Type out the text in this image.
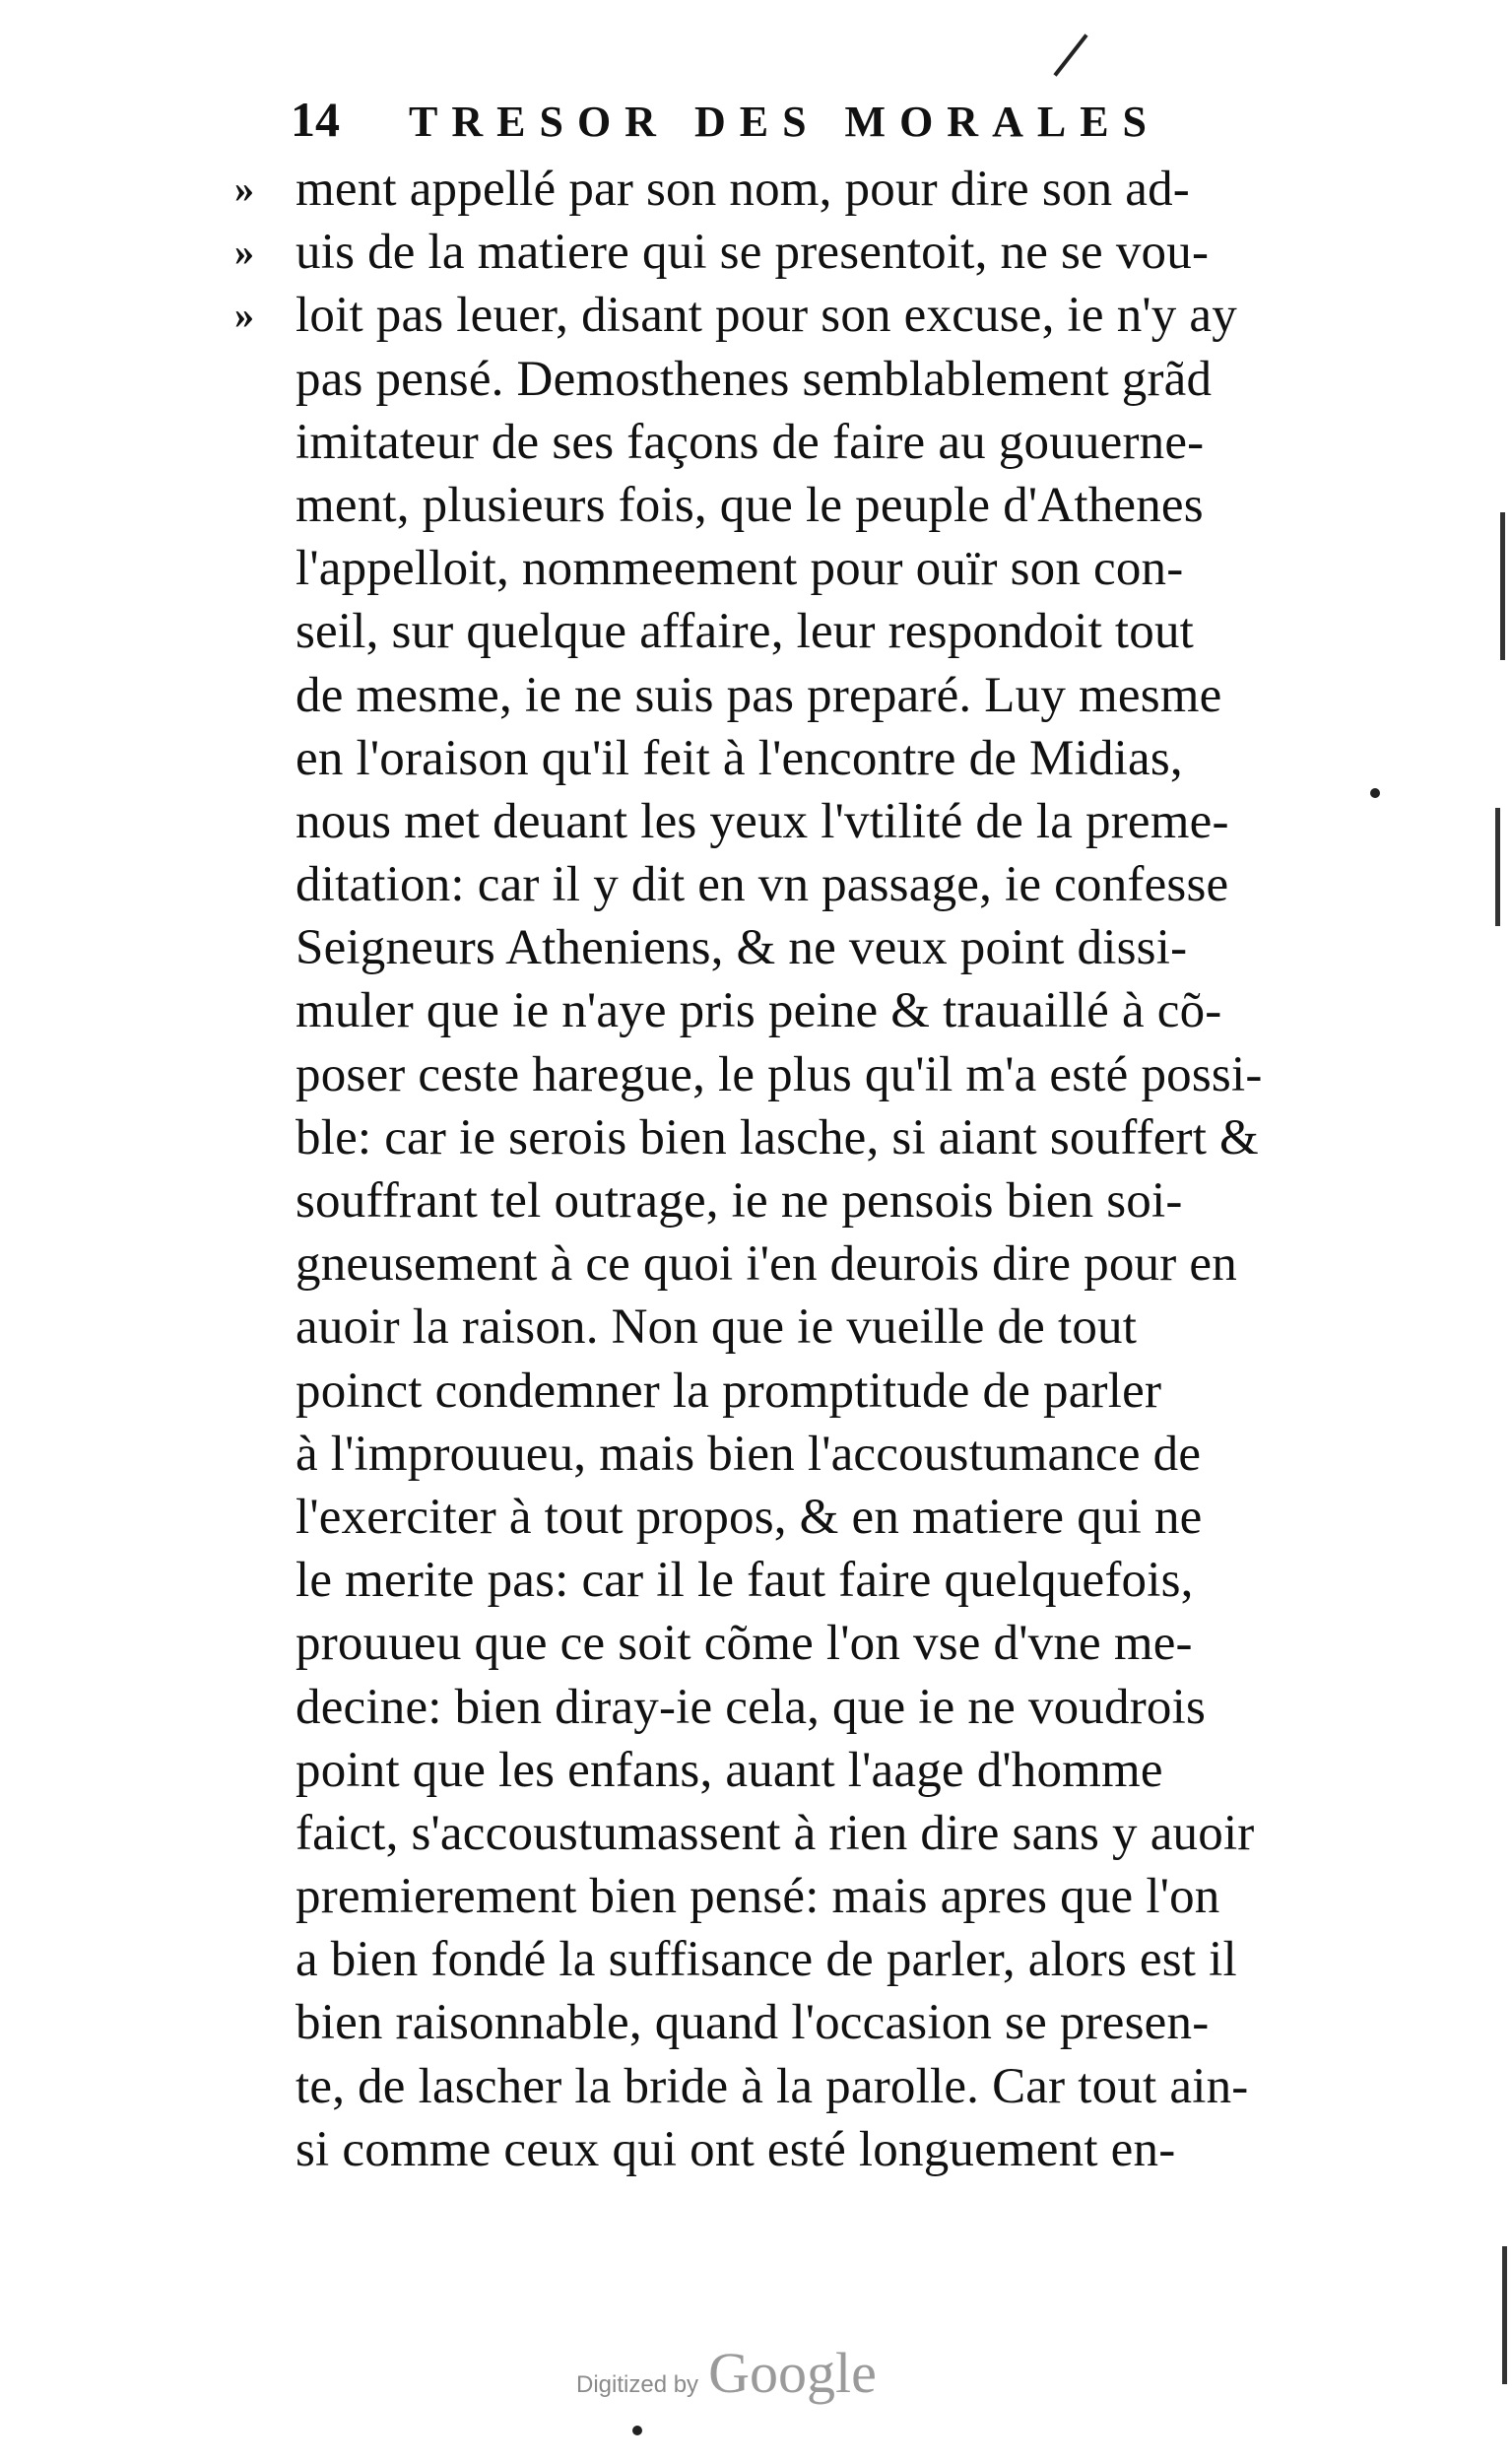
14 TRESOR DES MORALES
» ment appellé par son nom, pour dire son ad-
» uis de la matiere qui se presentoit, ne se vou-
» loit pas leuer, disant pour son excuse, ie n'y ay
pas pensé. Demosthenes semblablement grãd
imitateur de ses façons de faire au gouuerne-
ment, plusieurs fois, que le peuple d'Athenes
l'appelloit, nommeement pour ouïr son con-
seil, sur quelque affaire, leur respondoit tout
de mesme, ie ne suis pas preparé. Luy mesme
en l'oraison qu'il feit à l'encontre de Midias,
nous met deuant les yeux l'vtilité de la preme-
ditation: car il y dit en vn passage, ie confesse
Seigneurs Atheniens, & ne veux point dissi-
muler que ie n'aye pris peine & trauaillé à cõ-
poser ceste haregue, le plus qu'il m'a esté possi-
ble: car ie serois bien lasche, si aiant souffert &
souffrant tel outrage, ie ne pensois bien soi-
gneusement à ce quoi i'en deurois dire pour en
auoir la raison. Non que ie vueille de tout
poinct condemner la promptitude de parler
à l'improuueu, mais bien l'accoustumance de
l'exerciter à tout propos, & en matiere qui ne
le merite pas: car il le faut faire quelquefois,
prouueu que ce soit cõme l'on vse d'vne me-
decine: bien diray-ie cela, que ie ne voudrois
point que les enfans, auant l'aage d'homme
faict, s'accoustumassent à rien dire sans y auoir
premierement bien pensé: mais apres que l'on
a bien fondé la suffisance de parler, alors est il
bien raisonnable, quand l'occasion se presen-
te, de lascher la bride à la parolle. Car tout ain-
si comme ceux qui ont esté longuement en-
Digitized by Google
